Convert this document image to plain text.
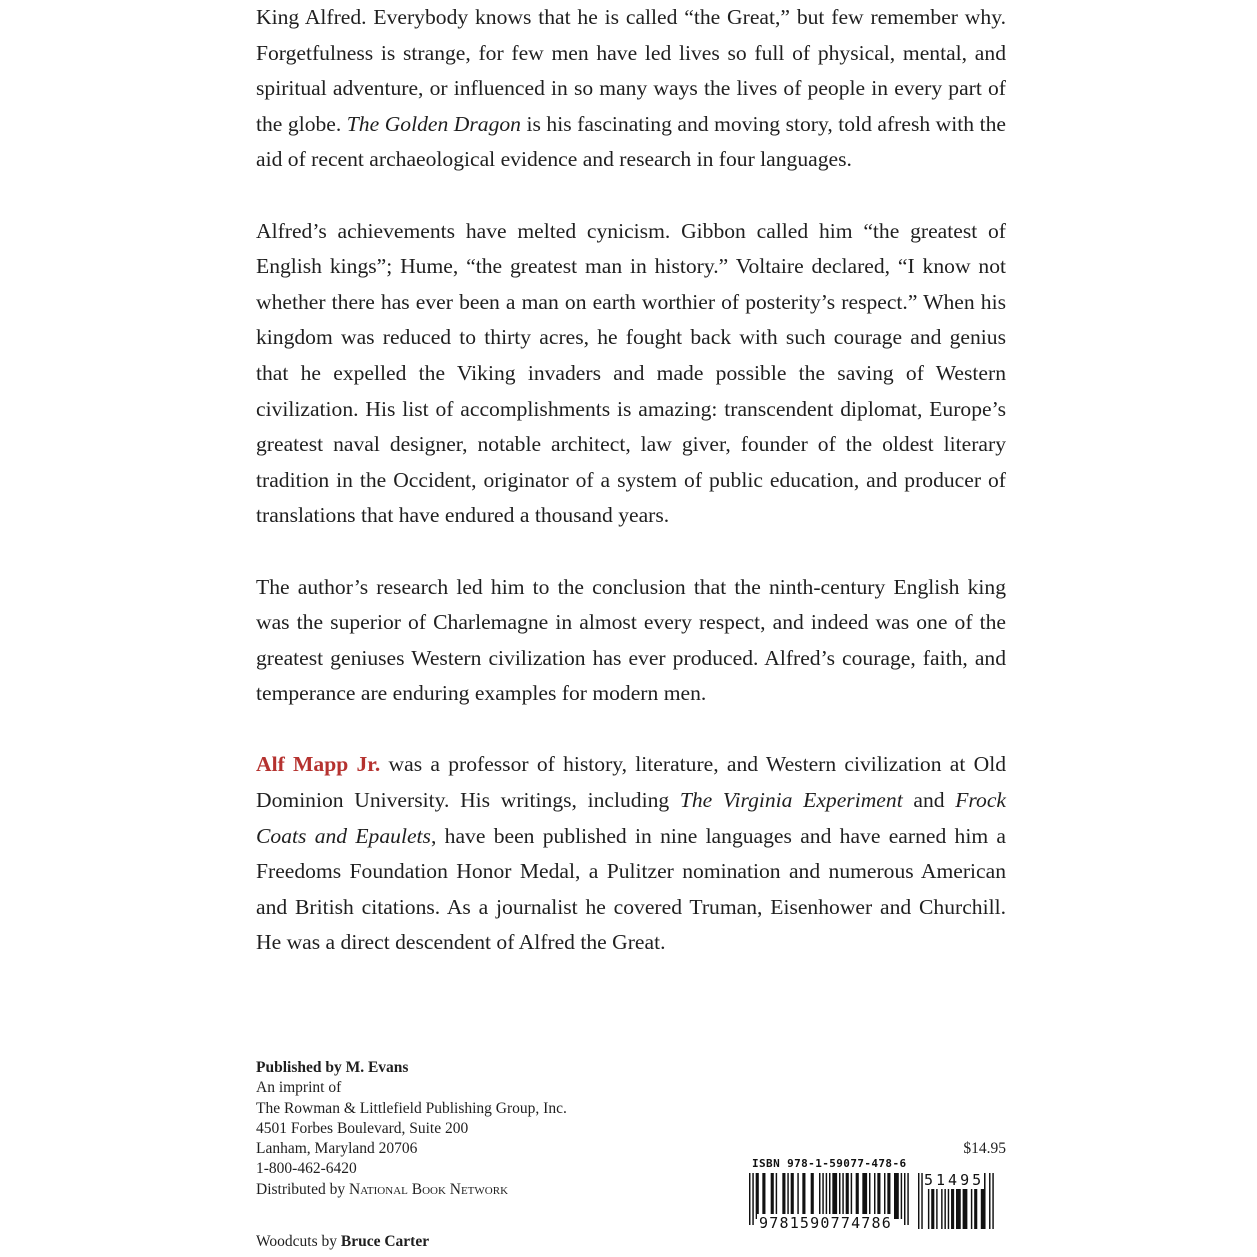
King Alfred. Everybody knows that he is called “the Great,” but few remember why. Forgetfulness is strange, for few men have led lives so full of physical, mental, and spiritual adventure, or influenced in so many ways the lives of people in every part of the globe. The Golden Dragon is his fascinating and moving story, told afresh with the aid of recent archaeological evidence and research in four languages.

Alfred’s achievements have melted cynicism. Gibbon called him “the greatest of English kings”; Hume, “the greatest man in history.” Voltaire declared, “I know not whether there has ever been a man on earth worthier of posterity’s respect.” When his kingdom was reduced to thirty acres, he fought back with such courage and genius that he expelled the Viking invaders and made possible the saving of Western civilization. His list of accomplishments is amazing: transcendent diplomat, Europe’s greatest naval designer, notable architect, law giver, founder of the oldest literary tradition in the Occident, originator of a system of public education, and producer of translations that have endured a thousand years.

The author’s research led him to the conclusion that the ninth-century English king was the superior of Charlemagne in almost every respect, and indeed was one of the greatest geniuses Western civilization has ever produced. Alfred’s courage, faith, and temperance are enduring examples for modern men.

Alf Mapp Jr. was a professor of history, literature, and Western civilization at Old Dominion University. His writings, including The Virginia Experiment and Frock Coats and Epaulets, have been published in nine languages and have earned him a Freedoms Foundation Honor Medal, a Pulitzer nomination and numerous American and British citations. As a journalist he covered Truman, Eisenhower and Churchill. He was a direct descendent of Alfred the Great.

Published by M. Evans
An imprint of
The Rowman & Littlefield Publishing Group, Inc.
4501 Forbes Boulevard, Suite 200
Lanham, Maryland 20706
1-800-462-6420
Distributed by National Book Network
Woodcuts by Bruce Carter
$14.95
ISBN 978-1-59077-478-6
9781590774786
51495
